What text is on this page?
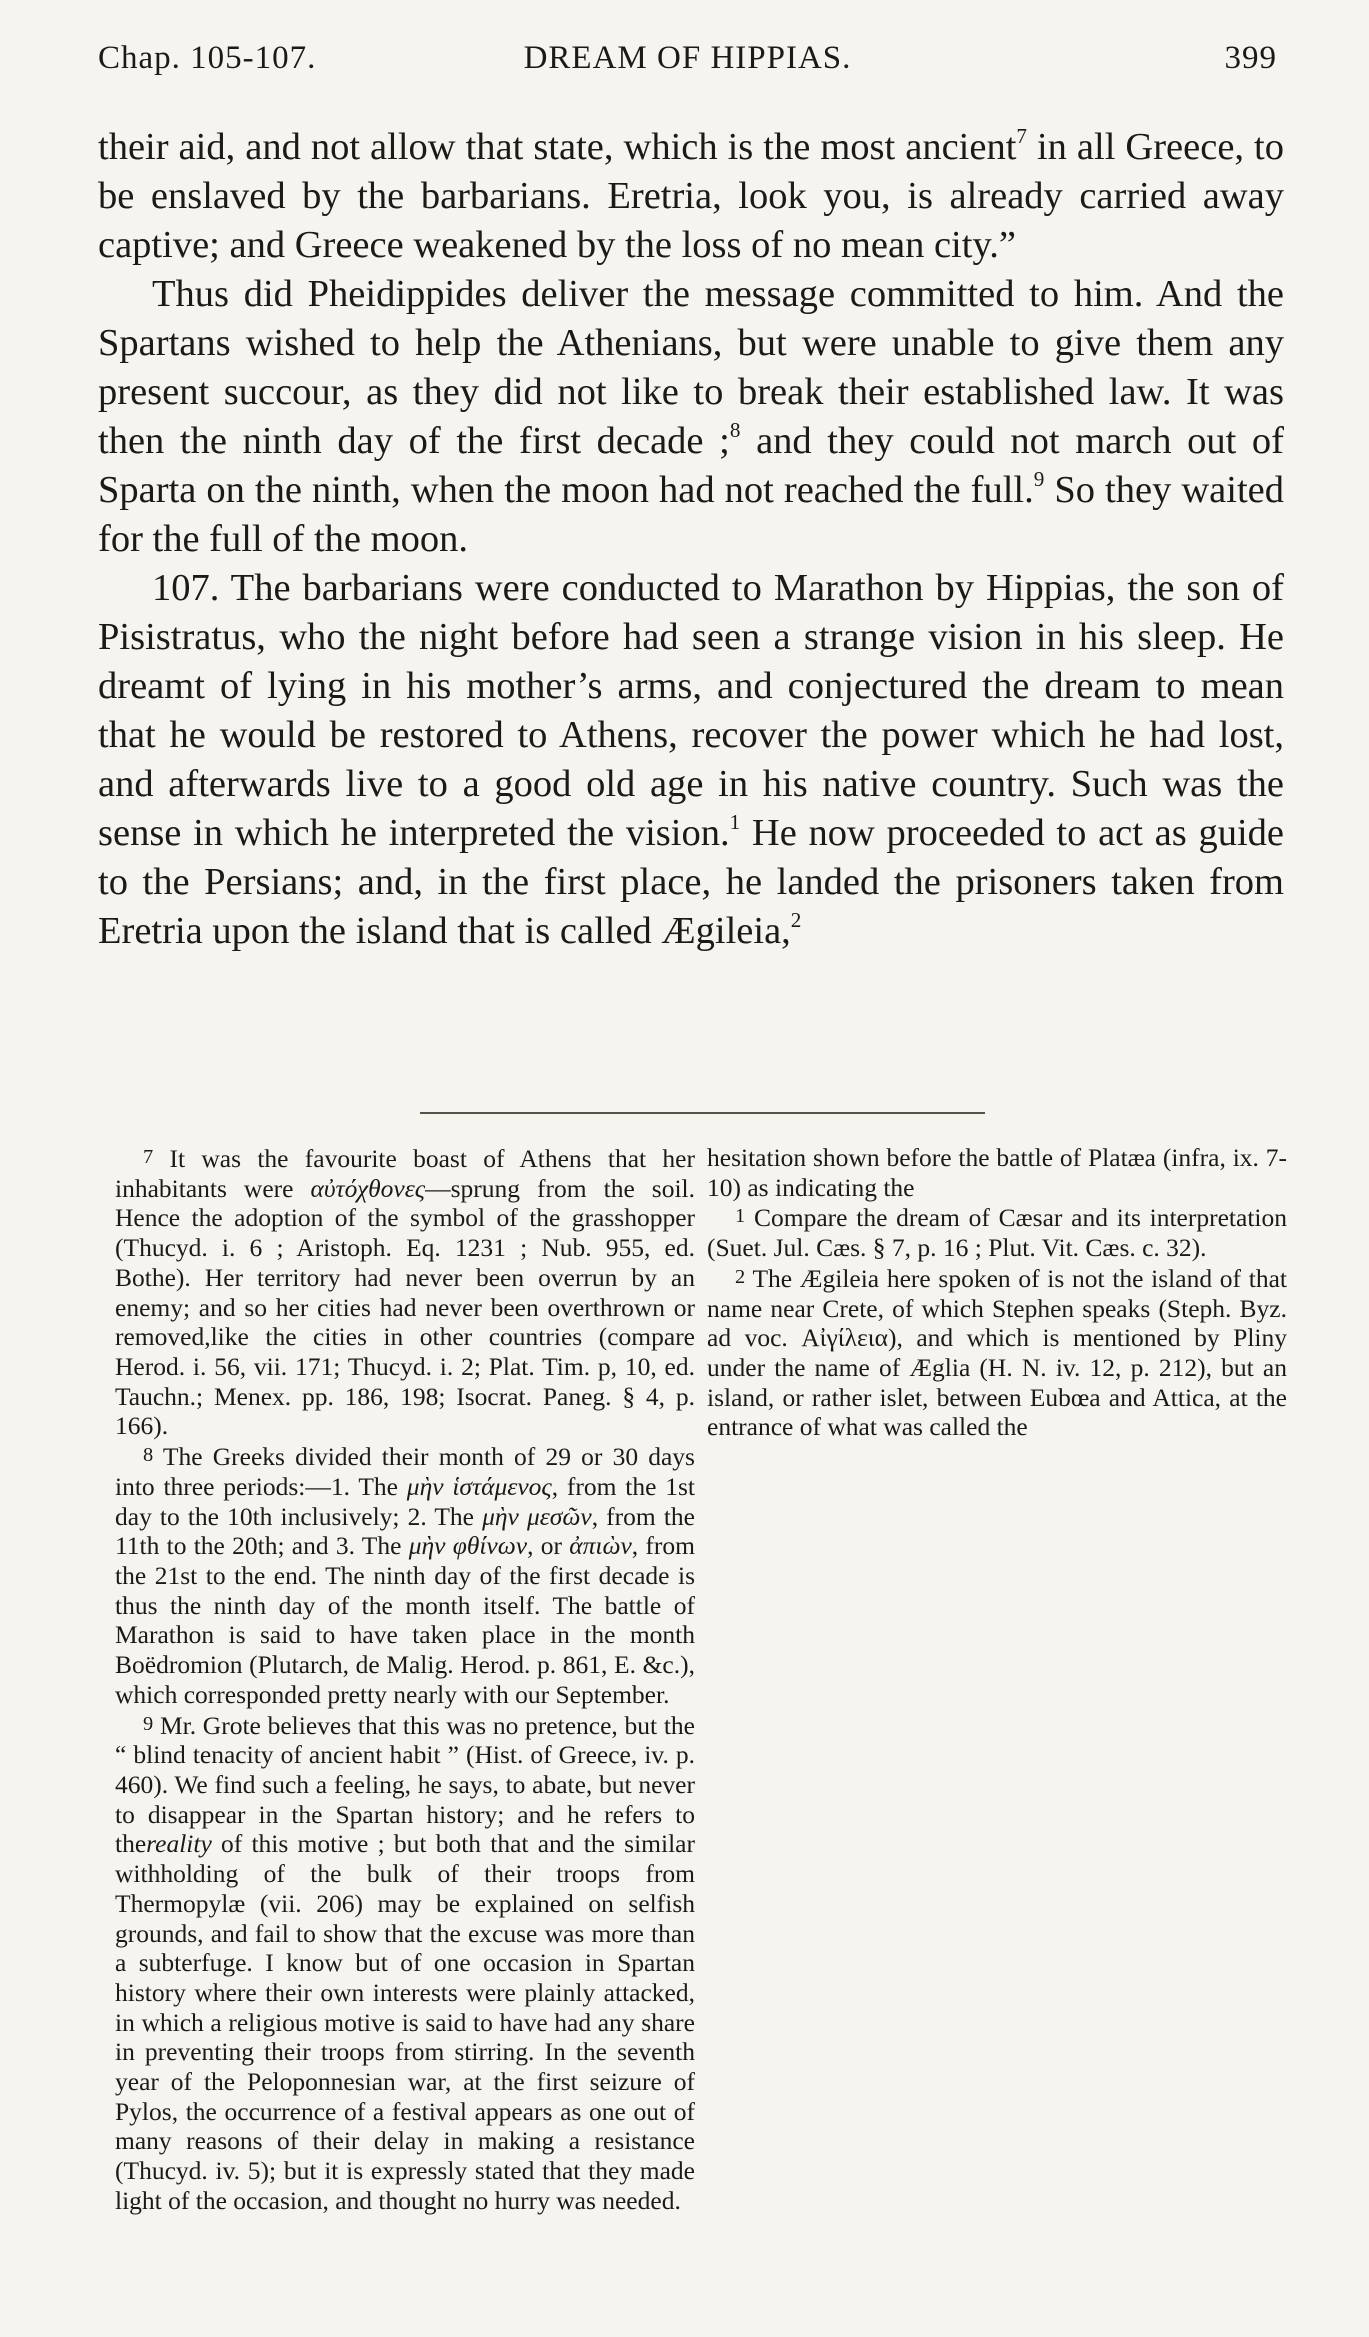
Chap. 105-107.	DREAM OF HIPPIAS.	399

their aid, and not allow that state, which is the most ancient$^7$ in all Greece, to be enslaved by the barbarians. Eretria, look you, is already carried away captive; and Greece weakened by the loss of no mean city.”

Thus did Pheidippides deliver the message committed to him. And the Spartans wished to help the Athenians, but were unable to give them any present succour, as they did not like to break their established law. It was then the ninth day of the first decade ;$^8$ and they could not march out of Sparta on the ninth, when the moon had not reached the full.$^9$ So they waited for the full of the moon.

107. The barbarians were conducted to Marathon by Hippias, the son of Pisistratus, who the night before had seen a strange vision in his sleep. He dreamt of lying in his mother’s arms, and conjectured the dream to mean that he would be restored to Athens, recover the power which he had lost, and afterwards live to a good old age in his native country. Such was the sense in which he interpreted the vision.$^1$ He now proceeded to act as guide to the Persians; and, in the first place, he landed the prisoners taken from Eretria upon the island that is called Ægileia,$^2$

7 It was the favourite boast of Athens that her inhabitants were αὐτόχθονες—sprung from the soil. Hence the adoption of the symbol of the grasshopper (Thucyd. i. 6 ; Aristoph. Eq. 1231 ; Nub. 955, ed. Bothe). Her territory had never been overrun by an enemy; and so her cities had never been overthrown or removed,like the cities in other countries (compare Herod. i. 56, vii. 171; Thucyd. i. 2; Plat. Tim. p, 10, ed. Tauchn.; Menex. pp. 186, 198; Isocrat. Paneg. § 4, p. 166).

8 The Greeks divided their month of 29 or 30 days into three periods:—1. The μὴν ἱστάμενος, from the 1st day to the 10th inclusively; 2. The μὴν μεσῶν, from the 11th to the 20th; and 3. The μὴν φθίνων, or ἀπιὼν, from the 21st to the end. The ninth day of the first decade is thus the ninth day of the month itself. The battle of Marathon is said to have taken place in the month Boëdromion (Plutarch, de Malig. Herod. p. 861, E. &c.), which corresponded pretty nearly with our September.

9 Mr. Grote believes that this was no pretence, but the “ blind tenacity of ancient habit ” (Hist. of Greece, iv. p. 460). We find such a feeling, he says, to abate, but never to disappear in the Spartan history; and he refers to thereality of this motive ; but both that and the similar withholding of the bulk of their troops from Thermopylæ (vii. 206) may be explained on selfish grounds, and fail to show that the excuse was more than a subterfuge. I know but of one occasion in Spartan history where their own interests were plainly attacked, in which a religious motive is said to have had any share in preventing their troops from stirring. In the seventh year of the Peloponnesian war, at the first seizure of Pylos, the occurrence of a festival appears as one out of many reasons of their delay in making a resistance (Thucyd. iv. 5); but it is expressly stated that they made light of the occasion, and thought no hurry was needed.

hesitation shown before the battle of Platæa (infra, ix. 7-10) as indicating the

1 Compare the dream of Cæsar and its interpretation (Suet. Jul. Cæs. § 7, p. 16 ; Plut. Vit. Cæs. c. 32).

2 The Ægileia here spoken of is not the island of that name near Crete, of which Stephen speaks (Steph. Byz. ad voc. Αἰγίλεια), and which is mentioned by Pliny under the name of Æglia (H. N. iv. 12, p. 212), but an island, or rather islet, between Eubœa and Attica, at the entrance of what was called the
